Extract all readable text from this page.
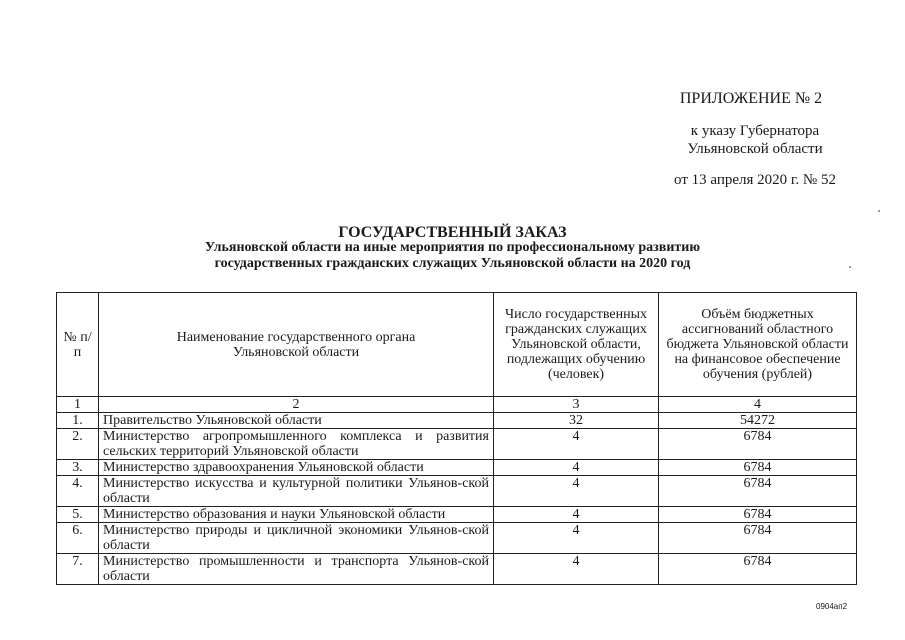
ПРИЛОЖЕНИЕ № 2
к указу Губернатора
Ульяновской области
от 13 апреля 2020 г. № 52
ГОСУДАРСТВЕННЫЙ ЗАКАЗ
Ульяновской области на иные мероприятия по профессиональному развитию
государственных гражданских служащих Ульяновской области на 2020 год
№ п/п	Наименование государственного органа Ульяновской области	Число государственных гражданских служащих Ульяновской области, подлежащих обучению (человек)	Объём бюджетных ассигнований областного бюджета Ульяновской области на финансовое обеспечение обучения (рублей)
1	2	3	4
1.	Правительство Ульяновской области	32	54272
2.	Министерство агропромышленного комплекса и развития сельских территорий Ульяновской области	4	6784
3.	Министерство здравоохранения Ульяновской области	4	6784
4.	Министерство искусства и культурной политики Ульянов-ской области	4	6784
5.	Министерство образования и науки Ульяновской области	4	6784
6.	Министерство природы и цикличной экономики Ульянов-ской области	4	6784
7.	Министерство промышленности и транспорта Ульянов-ской области	4	6784
0904ап2
